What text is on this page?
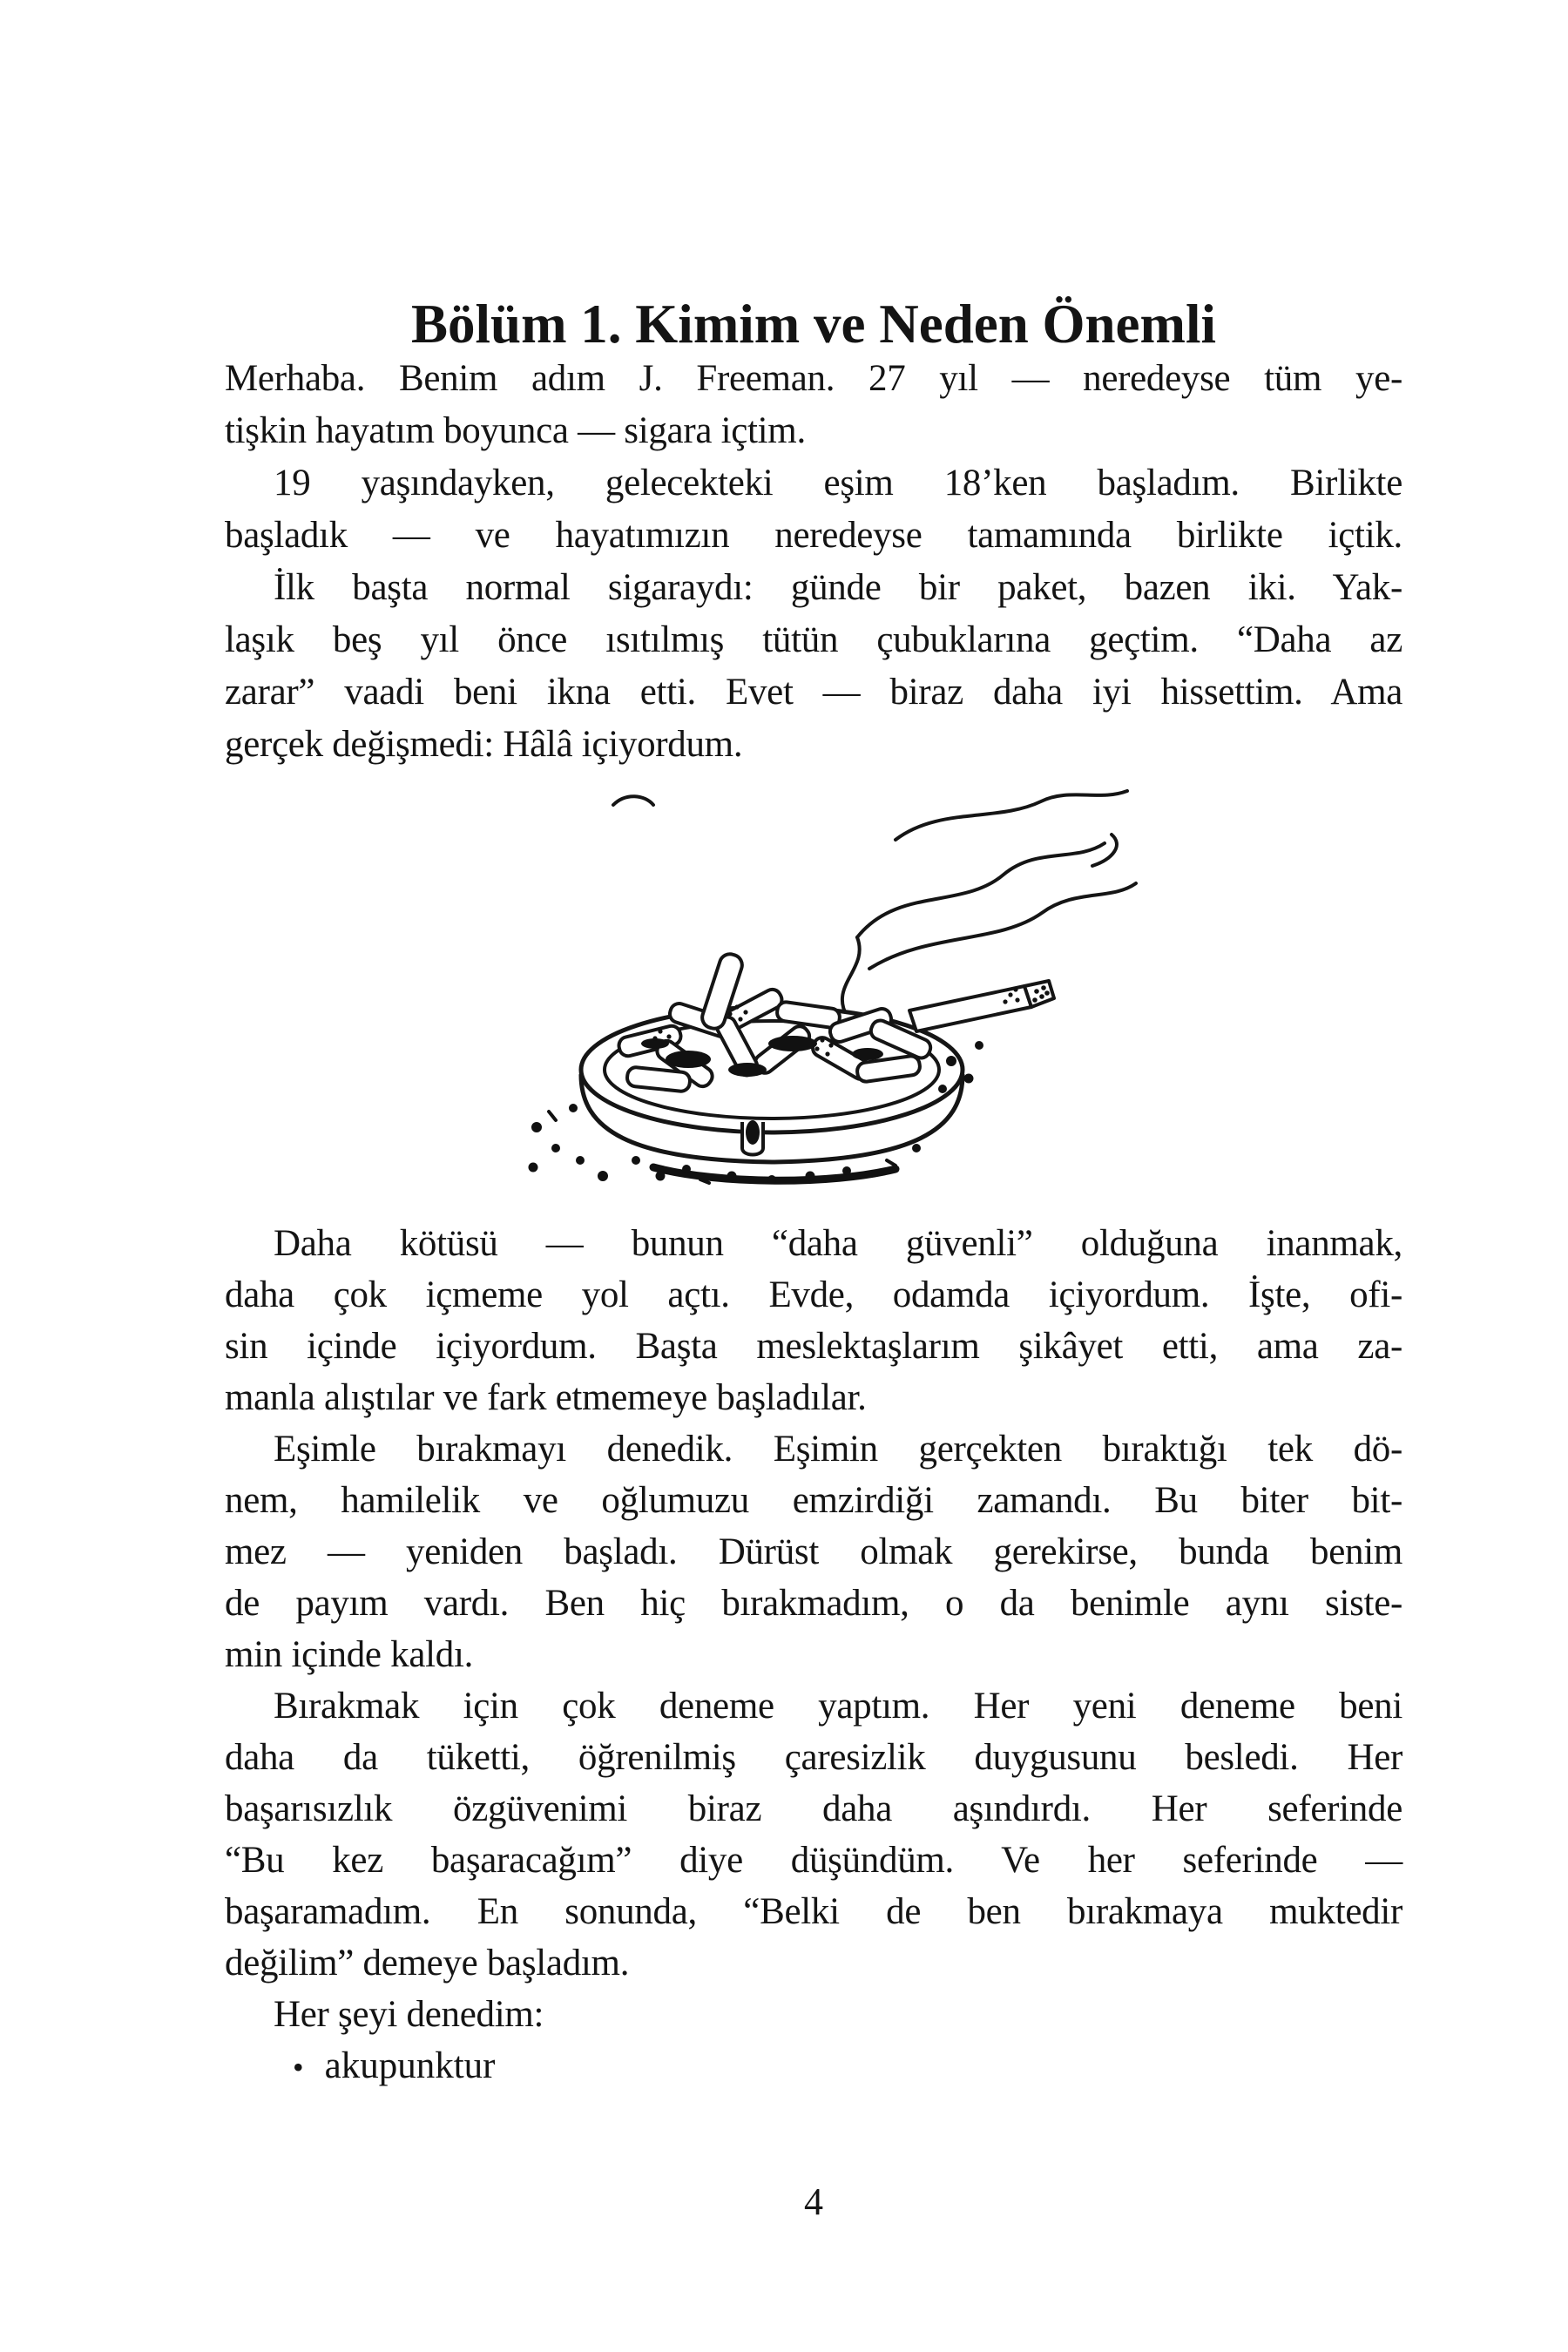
Bölüm 1. Kimim ve Neden Önemli
Merhaba. Benim adım J. Freeman. 27 yıl — neredeyse tüm ye-
tişkin hayatım boyunca — sigara içtim.
19 yaşındayken, gelecekteki eşim 18’ken başladım. Birlikte
başladık — ve hayatımızın neredeyse tamamında birlikte içtik.
İlk başta normal sigaraydı: günde bir paket, bazen iki. Yak-
laşık beş yıl önce ısıtılmış tütün çubuklarına geçtim. “Daha az
zarar” vaadi beni ikna etti. Evet — biraz daha iyi hissettim. Ama
gerçek değişmedi: Hâlâ içiyordum.
Daha kötüsü — bunun “daha güvenli” olduğuna inanmak,
daha çok içmeme yol açtı. Evde, odamda içiyordum. İşte, ofi-
sin içinde içiyordum. Başta meslektaşlarım şikâyet etti, ama za-
manla alıştılar ve fark etmemeye başladılar.
Eşimle bırakmayı denedik. Eşimin gerçekten bıraktığı tek dö-
nem, hamilelik ve oğlumuzu emzirdiği zamandı. Bu biter bit-
mez — yeniden başladı. Dürüst olmak gerekirse, bunda benim
de payım vardı. Ben hiç bırakmadım, o da benimle aynı siste-
min içinde kaldı.
Bırakmak için çok deneme yaptım. Her yeni deneme beni
daha da tüketti, öğrenilmiş çaresizlik duygusunu besledi. Her
başarısızlık özgüvenimi biraz daha aşındırdı. Her seferinde
“Bu kez başaracağım” diye düşündüm. Ve her seferinde —
başaramadım. En sonunda, “Belki de ben bırakmaya muktedir
değilim” demeye başladım.
Her şeyi denedim:
• akupunktur
4
